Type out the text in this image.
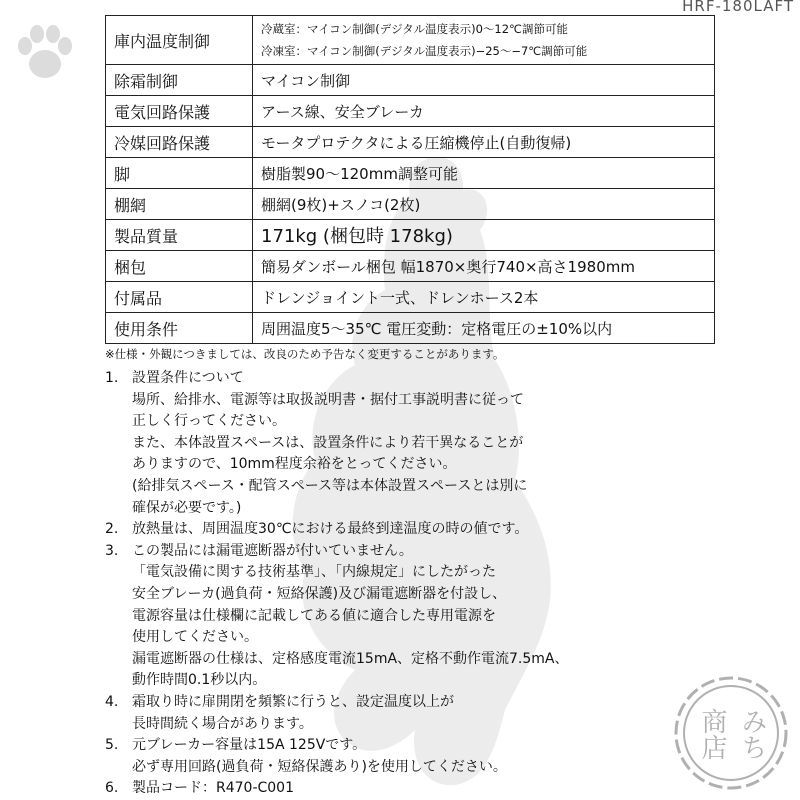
みち
商店
HRF-180LAFT
庫内温度制御	冷蔵室：マイコン制御(デジタル温度表示)0～12℃調節可能
冷凍室：マイコン制御(デジタル温度表示)−25～−7℃調節可能

除霜制御	マイコン制御
電気回路保護	アース線、安全ブレーカ
冷媒回路保護	モータプロテクタによる圧縮機停止(自動復帰)
脚	樹脂製90～120mm調整可能
棚網	棚網(9枚)+スノコ(2枚)
製品質量	171kg (梱包時 178kg)
梱包	簡易ダンボール梱包 幅1870×奥行740×高さ1980mm
付属品	ドレンジョイント一式、ドレンホース2本
使用条件	周囲温度5～35℃ 電圧変動：定格電圧の±10%以内
※仕様・外観につきましては、改良のため予告なく変更することがあります。
1. 設置条件について
場所、給排水、電源等は取扱説明書・据付工事説明書に従って
正しく行ってください。
また、本体設置スペースは、設置条件により若干異なることが
ありますので、10mm程度余裕をとってください。
(給排気スペース・配管スペース等は本体設置スペースとは別に
確保が必要です。)
2. 放熱量は、周囲温度30℃における最終到達温度の時の値です。
3. この製品には漏電遮断器が付いていません。
「電気設備に関する技術基準」、「内線規定」にしたがった
安全ブレーカ(過負荷・短絡保護)及び漏電遮断器を付設し、
電源容量は仕様欄に記載してある値に適合した専用電源を
使用してください。
漏電遮断器の仕様は、定格感度電流15mA、定格不動作電流7.5mA、
動作時間0.1秒以内。
4. 霜取り時に扉開閉を頻繁に行うと、設定温度以上が
長時間続く場合があります。
5. 元ブレーカー容量は15A 125Vです。
必ず専用回路(過負荷・短絡保護あり)を使用してください。
6. 製品コード：R470-C001
